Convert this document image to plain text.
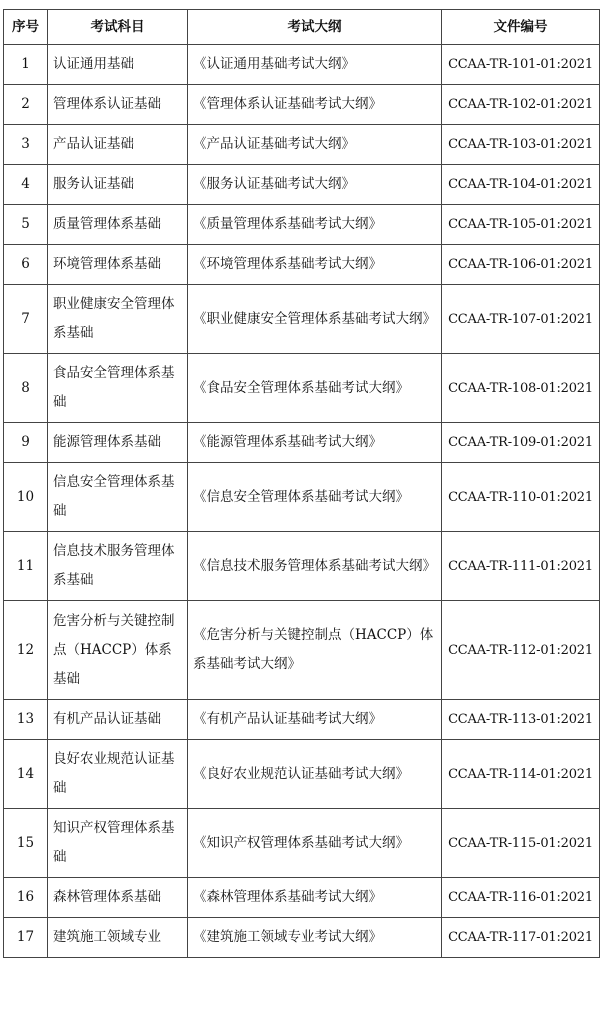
序号	考试科目	考试大纲	文件编号
1	认证通用基础	《认证通用基础考试大纲》	CCAA-TR-101-01:2021
2	管理体系认证基础	《管理体系认证基础考试大纲》	CCAA-TR-102-01:2021
3	产品认证基础	《产品认证基础考试大纲》	CCAA-TR-103-01:2021
4	服务认证基础	《服务认证基础考试大纲》	CCAA-TR-104-01:2021
5	质量管理体系基础	《质量管理体系基础考试大纲》	CCAA-TR-105-01:2021
6	环境管理体系基础	《环境管理体系基础考试大纲》	CCAA-TR-106-01:2021
7	职业健康安全管理体系基础	《职业健康安全管理体系基础考试大纲》	CCAA-TR-107-01:2021
8	食品安全管理体系基础	《食品安全管理体系基础考试大纲》	CCAA-TR-108-01:2021
9	能源管理体系基础	《能源管理体系基础考试大纲》	CCAA-TR-109-01:2021
10	信息安全管理体系基础	《信息安全管理体系基础考试大纲》	CCAA-TR-110-01:2021
11	信息技术服务管理体系基础	《信息技术服务管理体系基础考试大纲》	CCAA-TR-111-01:2021
12	危害分析与关键控制点（HACCP）体系基础	《危害分析与关键控制点（HACCP）体系基础考试大纲》	CCAA-TR-112-01:2021
13	有机产品认证基础	《有机产品认证基础考试大纲》	CCAA-TR-113-01:2021
14	良好农业规范认证基础	《良好农业规范认证基础考试大纲》	CCAA-TR-114-01:2021
15	知识产权管理体系基础	《知识产权管理体系基础考试大纲》	CCAA-TR-115-01:2021
16	森林管理体系基础	《森林管理体系基础考试大纲》	CCAA-TR-116-01:2021
17	建筑施工领域专业	《建筑施工领域专业考试大纲》	CCAA-TR-117-01:2021
